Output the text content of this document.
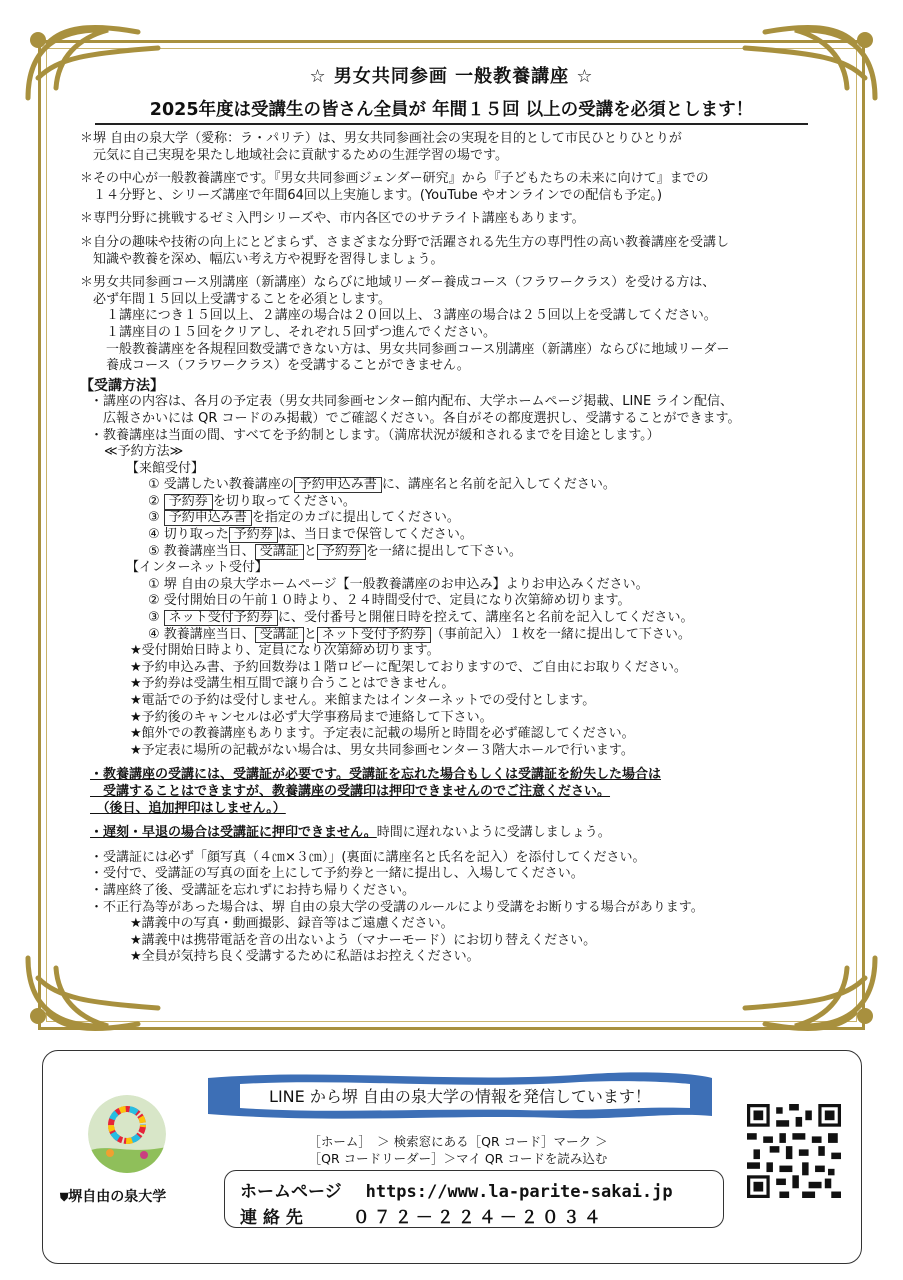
☆ 男女共同参画 一般教養講座 ☆
2025年度は受講生の皆さん全員が 年間１５回 以上の受講を必須とします！
＊堺 自由の泉大学（愛称：ラ・パリテ）は、男女共同参画社会の実現を目的として市民ひとりひとりが
　元気に自己実現を果たし地域社会に貢献するための生涯学習の場です。
＊その中心が一般教養講座です。『男女共同参画ジェンダー研究』から『子どもたちの未来に向けて』までの
　１４分野と、シリーズ講座で年間64回以上実施します。(YouTube やオンラインでの配信も予定。)
＊専門分野に挑戦するゼミ入門シリーズや、市内各区でのサテライト講座もあります。
＊自分の趣味や技術の向上にとどまらず、さまざまな分野で活躍される先生方の専門性の高い教養講座を受講し
　知識や教養を深め、幅広い考え方や視野を習得しましょう。
＊男女共同参画コース別講座（新講座）ならびに地域リーダー養成コース（フラワークラス）を受ける方は、
　必ず年間１５回以上受講することを必須とします。
　　１講座につき１５回以上、２講座の場合は２０回以上、３講座の場合は２５回以上を受講してください。
　　１講座目の１５回をクリアし、それぞれ５回ずつ進んでください。
　　一般教養講座を各規程回数受講できない方は、男女共同参画コース別講座（新講座）ならびに地域リーダー
　　養成コース（フラワークラス）を受講することができません。
【受講方法】
・講座の内容は、各月の予定表（男女共同参画センター館内配布、大学ホームページ掲載、LINE ライン配信、
　広報さかいには QR コードのみ掲載）でご確認ください。各自がその都度選択し、受講することができます。
・教養講座は当面の間、すべてを予約制とします。（満席状況が緩和されるまでを目途とします。）
≪予約方法≫
【来館受付】
① 受講したい教養講座の 予約申込み書 に、講座名と名前を記入してください。
② 予約券 を切り取ってください。
③ 予約申込み書 を指定のカゴに提出してください。
④ 切り取った 予約券 は、当日まで保管してください。
⑤ 教養講座当日、 受講証 と 予約券 を一緒に提出して下さい。
【インターネット受付】
① 堺 自由の泉大学ホームページ【一般教養講座のお申込み】よりお申込みください。
② 受付開始日の午前１０時より、２４時間受付で、定員になり次第締め切ります。
③ ネット受付予約券 に、受付番号と開催日時を控えて、講座名と名前を記入してください。
④ 教養講座当日、 受講証 と ネット受付予約券 （事前記入）１枚を一緒に提出して下さい。
★受付開始日時より、定員になり次第締め切ります。
★予約申込み書、予約回数券は１階ロビーに配架しておりますので、ご自由にお取りください。
★予約券は受講生相互間で譲り合うことはできません。
★電話での予約は受付しません。来館またはインターネットでの受付とします。
★予約後のキャンセルは必ず大学事務局まで連絡して下さい。
★館外での教養講座もあります。予定表に記載の場所と時間を必ず確認してください。
★予定表に場所の記載がない場合は、男女共同参画センター３階大ホールで行います。
・教養講座の受講には、受講証が必要です。受講証を忘れた場合もしくは受講証を紛失した場合は
　受講することはできますが、教養講座の受講印は押印できませんのでご注意ください。
　（後日、追加押印はしません。）
・遅刻・早退の場合は受講証に押印できません。時間に遅れないように受講しましょう。
・受講証には必ず「顔写真（４㎝×３㎝）」(裏面に講座名と氏名を記入）を添付してください。
・受付で、受講証の写真の面を上にして予約券と一緒に提出し、入場してください。
・講座終了後、受講証を忘れずにお持ち帰りください。
・不正行為等があった場合は、堺 自由の泉大学の受講のルールにより受講をお断りする場合があります。
★講義中の写真・動画撮影、録音等はご遠慮ください。
★講義中は携帯電話を音の出ないよう（マナーモード）にお切り替えください。
★全員が気持ち良く受講するために私語はお控えください。
LINE から堺 自由の泉大学の情報を発信しています！
［ホーム］　＞ 検索窓にある［QR コード］マーク ＞
［QR コードリーダー］＞マイ QR コードを読み込む
⛊堺自由の泉大学	ホームページ https://www.la-parite-sakai.jp
連 絡 先	０７２－２２４－２０３４
